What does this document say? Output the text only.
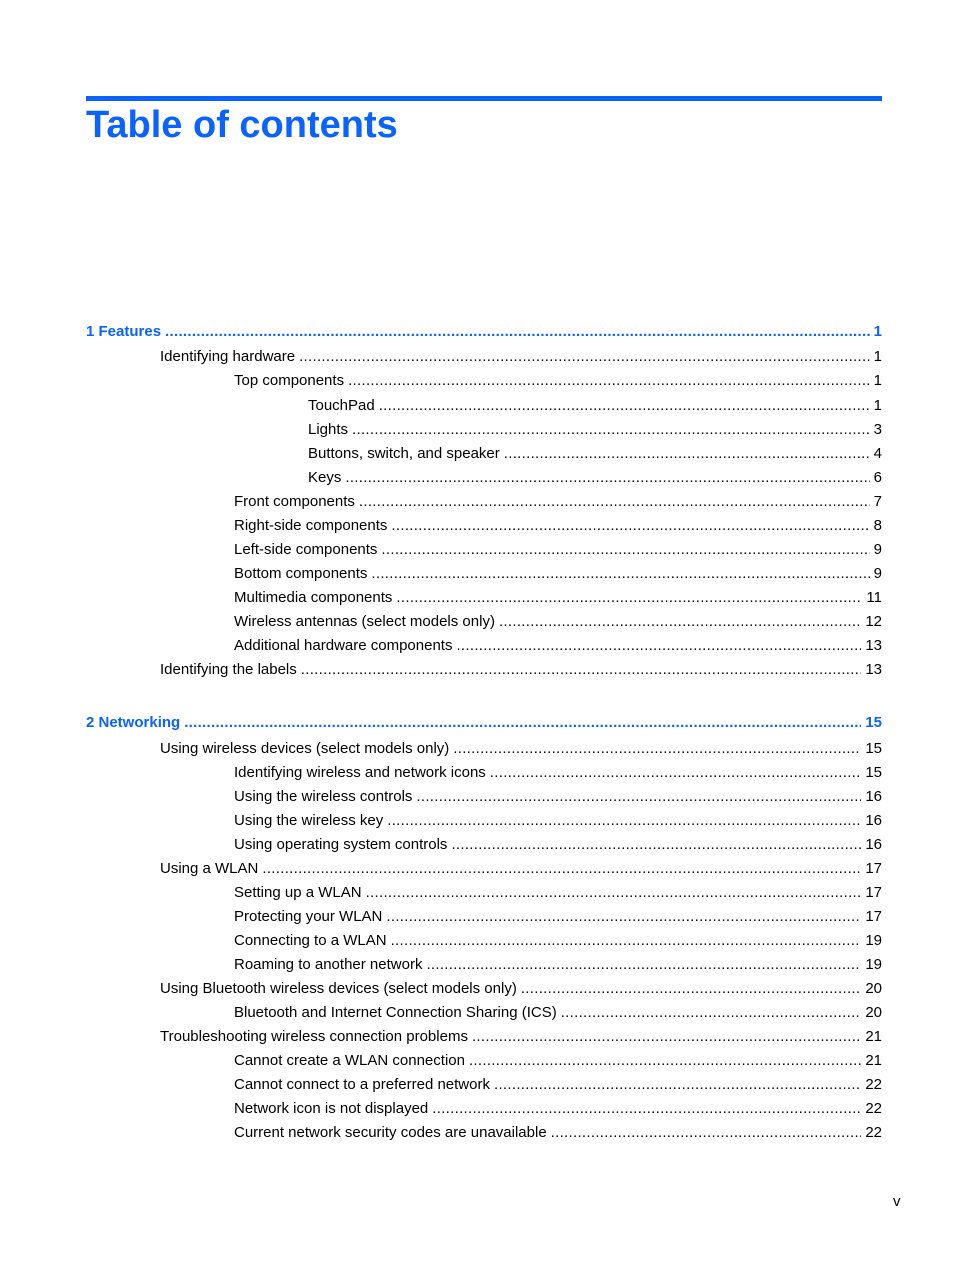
Table of contents
1 Features .....	1
Identifying hardware .....	1
Top components .....	1
TouchPad .....	1
Lights .....	3
Buttons, switch, and speaker .....	4
Keys .....	6
Front components .....	7
Right-side components .....	8
Left-side components .....	9
Bottom components .....	9
Multimedia components .....	11
Wireless antennas (select models only) .....	12
Additional hardware components .....	13
Identifying the labels .....	13
2 Networking .....	15
Using wireless devices (select models only) .....	15
Identifying wireless and network icons .....	15
Using the wireless controls .....	16
Using the wireless key .....	16
Using operating system controls .....	16
Using a WLAN .....	17
Setting up a WLAN .....	17
Protecting your WLAN .....	17
Connecting to a WLAN .....	19
Roaming to another network .....	19
Using Bluetooth wireless devices (select models only) .....	20
Bluetooth and Internet Connection Sharing (ICS) .....	20
Troubleshooting wireless connection problems .....	21
Cannot create a WLAN connection .....	21
Cannot connect to a preferred network .....	22
Network icon is not displayed .....	22
Current network security codes are unavailable .....	22
v
